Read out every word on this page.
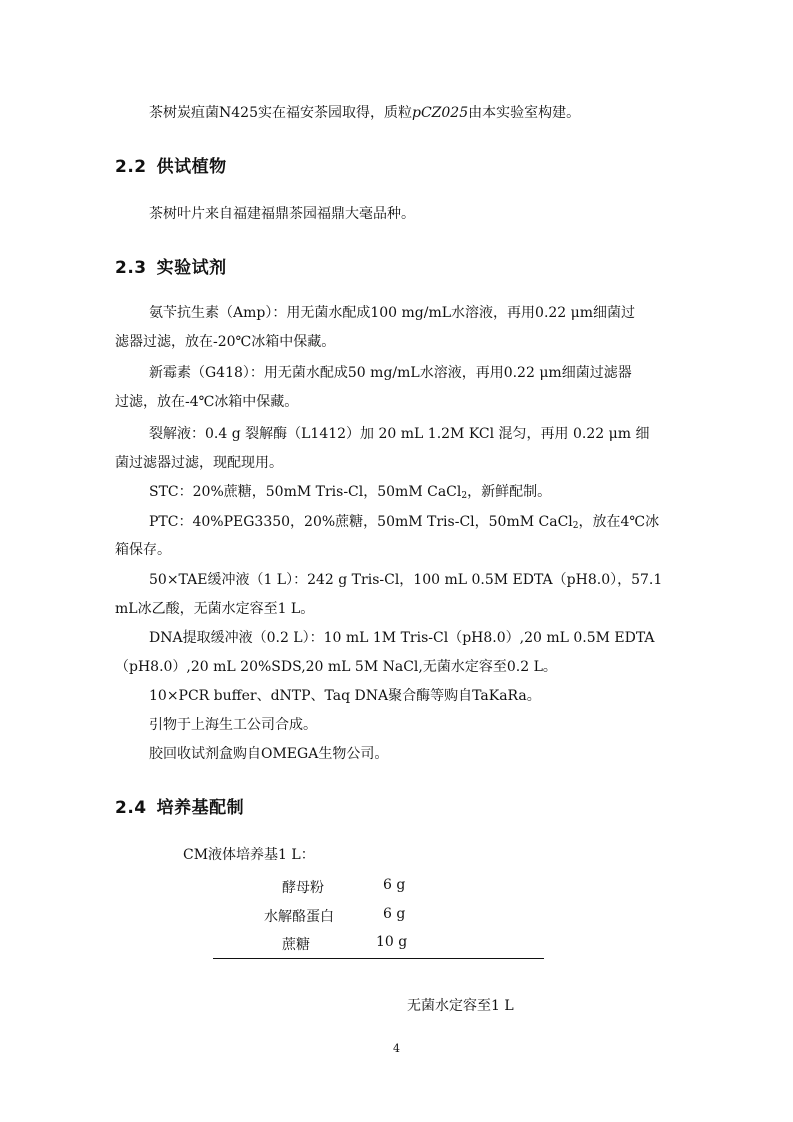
茶树炭疽菌N425实在福安茶园取得，质粒pCZ025由本实验室构建。

2.2 供试植物

茶树叶片来自福建福鼎茶园福鼎大毫品种。

2.3 实验试剂

氨苄抗生素（Amp）：用无菌水配成100 mg/mL水溶液，再用0.22 μm细菌过

滤器过滤，放在-20℃冰箱中保藏。

新霉素（G418）：用无菌水配成50 mg/mL水溶液，再用0.22 μm细菌过滤器

过滤，放在-4℃冰箱中保藏。

裂解液：0.4 g 裂解酶（L1412）加 20 mL 1.2M KCl 混匀，再用 0.22 μm 细

菌过滤器过滤，现配现用。

STC：20%蔗糖，50mM Tris-Cl，50mM CaCl$_2$，新鲜配制。

PTC：40%PEG3350，20%蔗糖，50mM Tris-Cl，50mM CaCl$_2$，放在4℃冰

箱保存。

50×TAE缓冲液（1 L）：242 g Tris-Cl，100 mL 0.5M EDTA（pH8.0），57.1

mL冰乙酸，无菌水定容至1 L。

DNA提取缓冲液（0.2 L）：10 mL 1M Tris-Cl（pH8.0）,20 mL 0.5M EDTA

（pH8.0）,20 mL 20%SDS,20 mL 5M NaCl,无菌水定容至0.2 L。

10×PCR buffer、dNTP、Taq DNA聚合酶等购自TaKaRa。

引物于上海生工公司合成。

胶回收试剂盒购自OMEGA生物公司。

2.4 培养基配制

CM液体培养基1 L：

酵母粉	6 g
水解酪蛋白	6 g
蔗糖	10 g

无菌水定容至1 L

4
